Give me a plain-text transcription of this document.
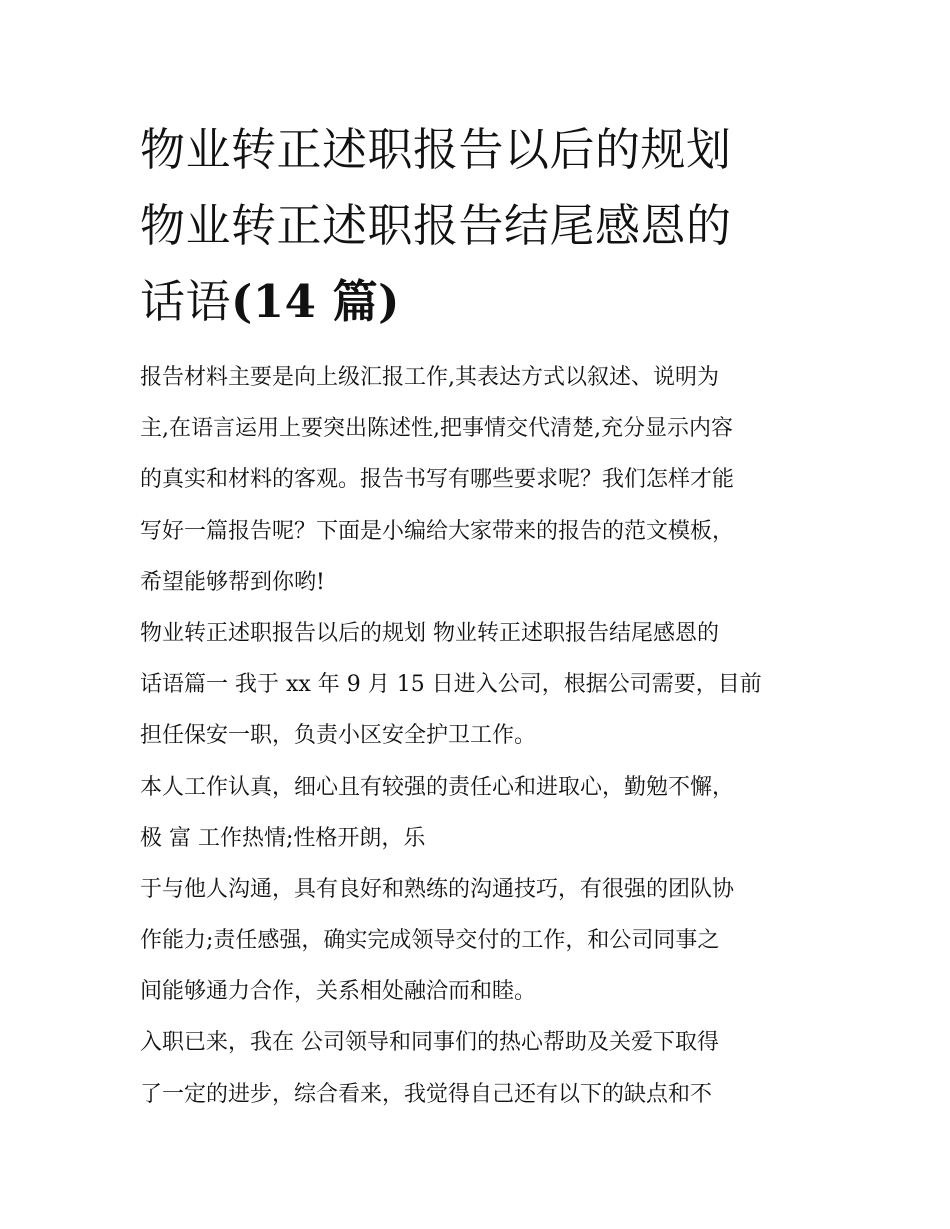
物业转正述职报告以后的规划
物业转正述职报告结尾感恩的
话语(14 篇)
报告材料主要是向上级汇报工作,其表达方式以叙述、说明为
主,在语言运用上要突出陈述性,把事情交代清楚,充分显示内容
的真实和材料的客观。报告书写有哪些要求呢？我们怎样才能
写好一篇报告呢？下面是小编给大家带来的报告的范文模板，
希望能够帮到你哟!
物业转正述职报告以后的规划 物业转正述职报告结尾感恩的
话语篇一 我于 xx 年 9 月 15 日进入公司，根据公司需要，目前
担任保安一职，负责小区安全护卫工作。
本人工作认真，细心且有较强的责任心和进取心，勤勉不懈，
极 富 工作热情;性格开朗，乐
于与他人沟通，具有良好和熟练的沟通技巧，有很强的团队协
作能力;责任感强，确实完成领导交付的工作，和公司同事之
间能够通力合作，关系相处融洽而和睦。
入职已来，我在 公司领导和同事们的热心帮助及关爱下取得
了一定的进步，综合看来，我觉得自己还有以下的缺点和不
